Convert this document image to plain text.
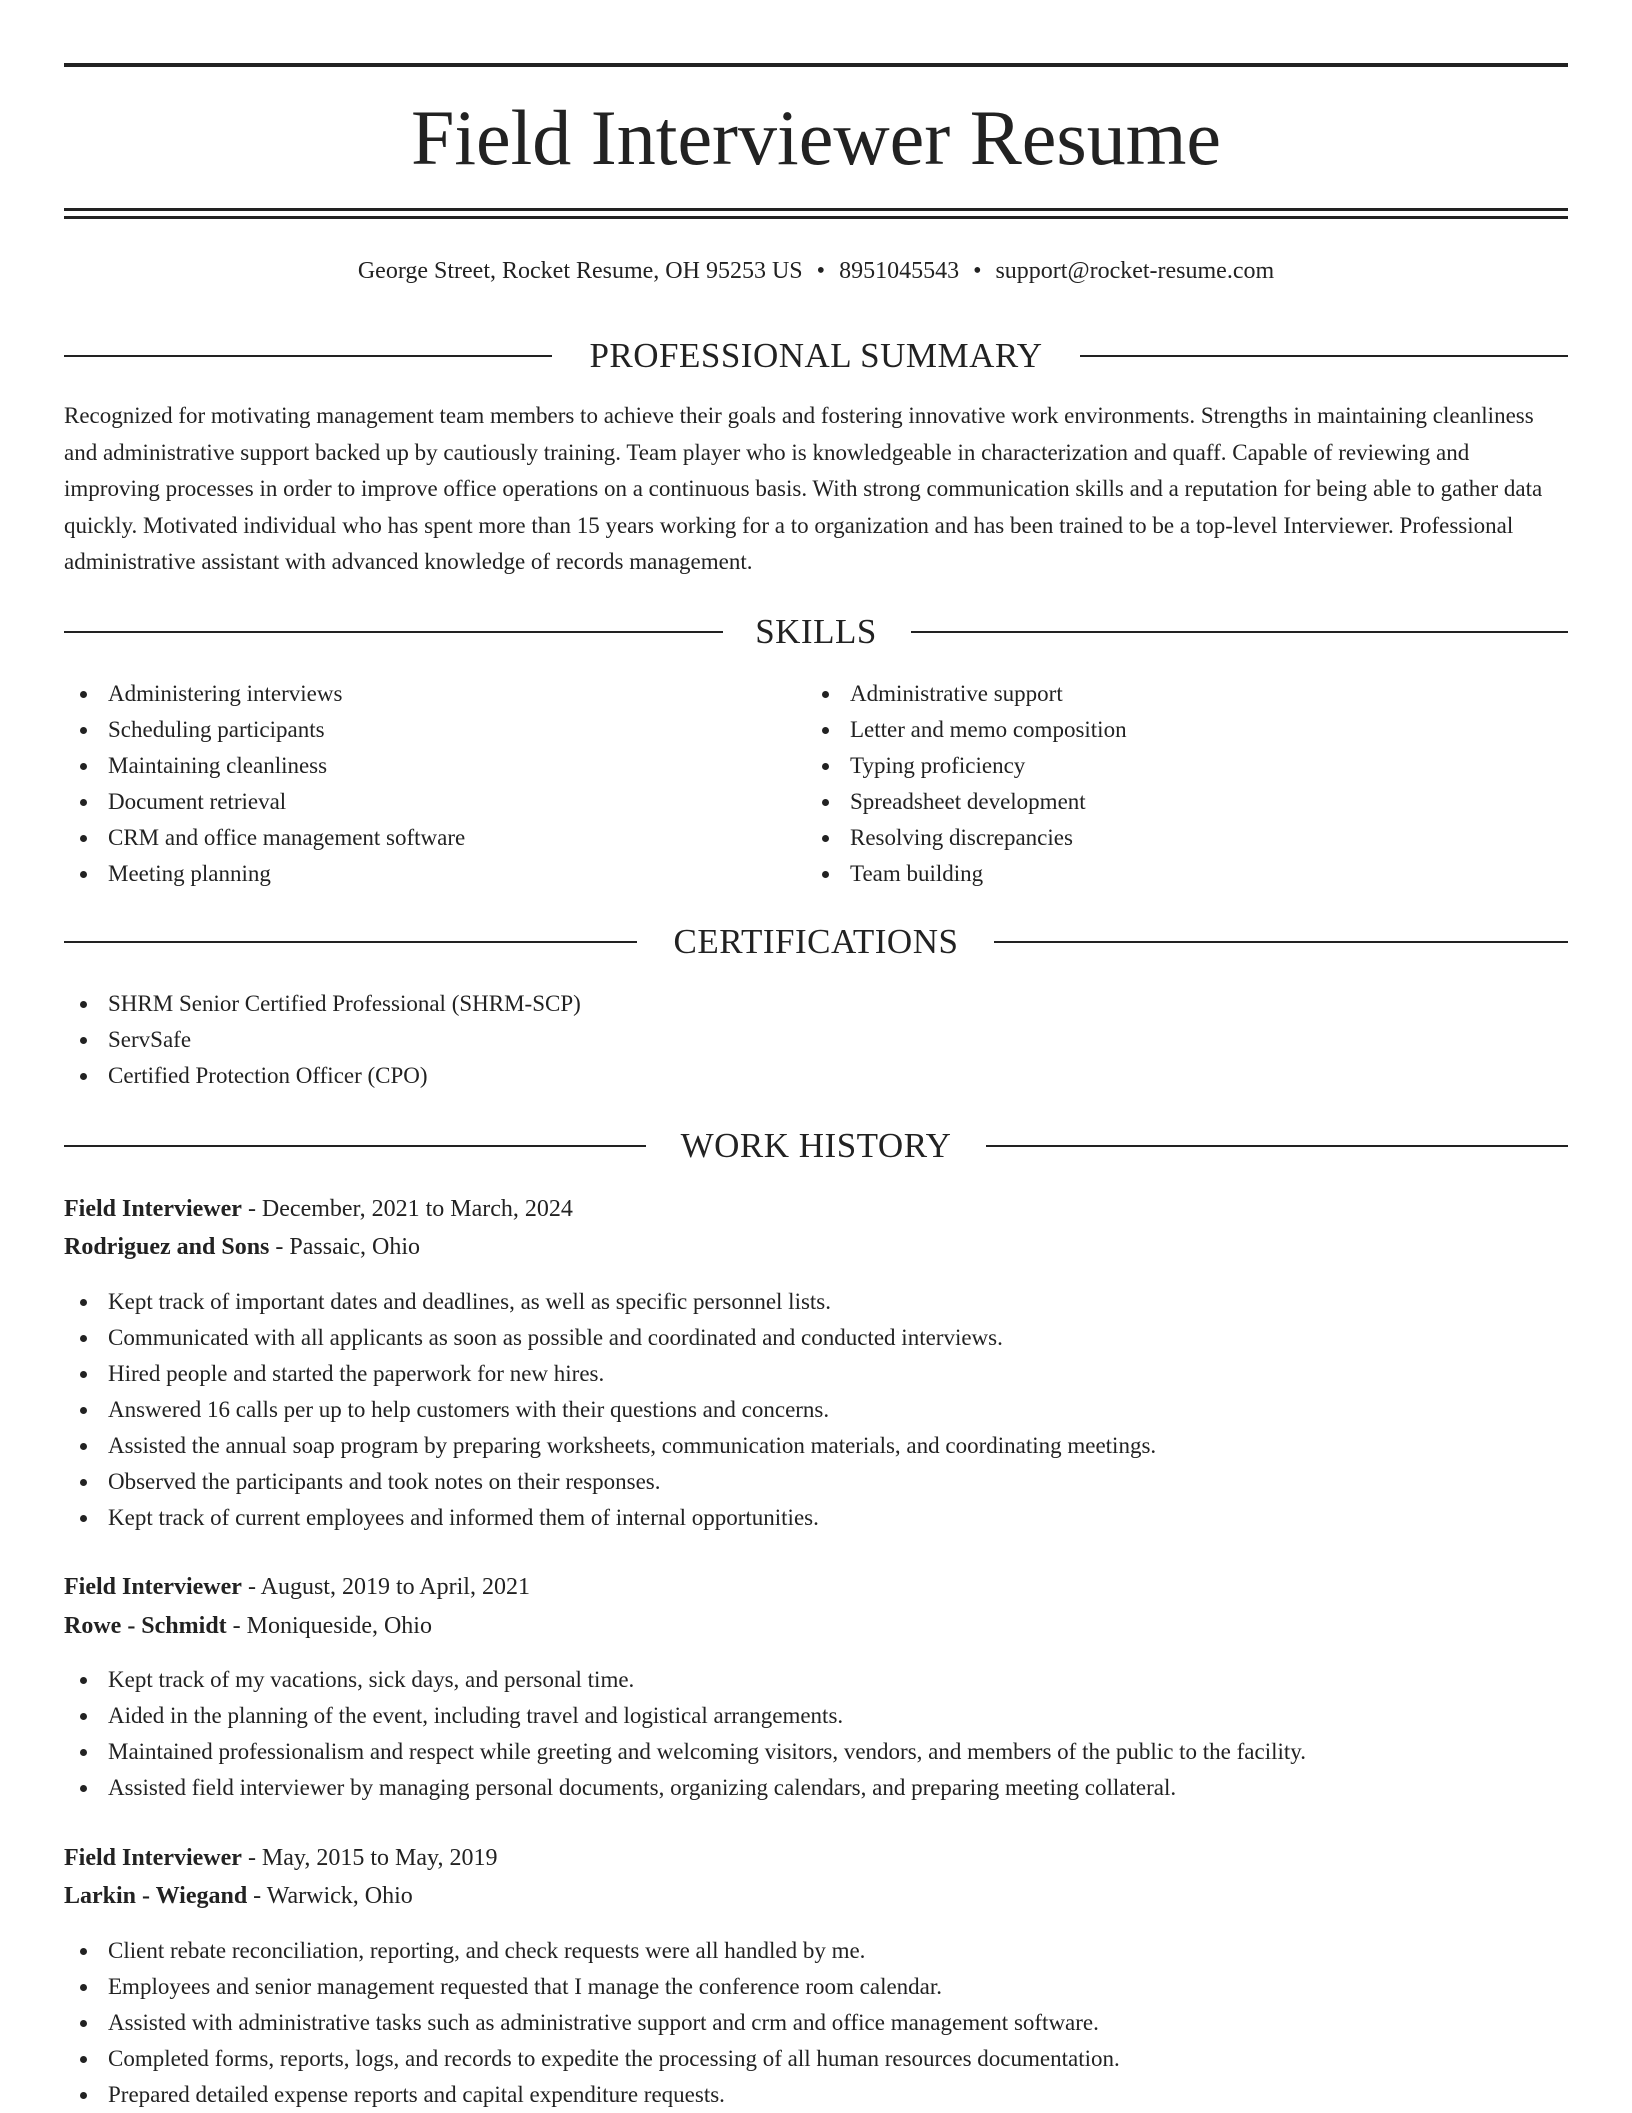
Field Interviewer Resume
George Street, Rocket Resume, OH 95253 US • 8951045543 • support@rocket-resume.com
PROFESSIONAL SUMMARY

Recognized for motivating management team members to achieve their goals and fostering innovative work environments. Strengths in maintaining cleanliness and administrative support backed up by cautiously training. Team player who is knowledgeable in characterization and quaff. Capable of reviewing and improving processes in order to improve office operations on a continuous basis. With strong communication skills and a reputation for being able to gather data quickly. Motivated individual who has spent more than 15 years working for a to organization and has been trained to be a top-level Interviewer. Professional administrative assistant with advanced knowledge of records management.

SKILLS
Administering interviews
Scheduling participants
Maintaining cleanliness
Document retrieval
CRM and office management software
Meeting planning
Administrative support
Letter and memo composition
Typing proficiency
Spreadsheet development
Resolving discrepancies
Team building
CERTIFICATIONS
SHRM Senior Certified Professional (SHRM-SCP)
ServSafe
Certified Protection Officer (CPO)
WORK HISTORY
Field Interviewer - December, 2021 to March, 2024
Rodriguez and Sons - Passaic, Ohio
Kept track of important dates and deadlines, as well as specific personnel lists.
Communicated with all applicants as soon as possible and coordinated and conducted interviews.
Hired people and started the paperwork for new hires.
Answered 16 calls per up to help customers with their questions and concerns.
Assisted the annual soap program by preparing worksheets, communication materials, and coordinating meetings.
Observed the participants and took notes on their responses.
Kept track of current employees and informed them of internal opportunities.
Field Interviewer - August, 2019 to April, 2021
Rowe - Schmidt - Moniqueside, Ohio
Kept track of my vacations, sick days, and personal time.
Aided in the planning of the event, including travel and logistical arrangements.
Maintained professionalism and respect while greeting and welcoming visitors, vendors, and members of the public to the facility.
Assisted field interviewer by managing personal documents, organizing calendars, and preparing meeting collateral.
Field Interviewer - May, 2015 to May, 2019
Larkin - Wiegand - Warwick, Ohio
Client rebate reconciliation, reporting, and check requests were all handled by me.
Employees and senior management requested that I manage the conference room calendar.
Assisted with administrative tasks such as administrative support and crm and office management software.
Completed forms, reports, logs, and records to expedite the processing of all human resources documentation.
Prepared detailed expense reports and capital expenditure requests.
